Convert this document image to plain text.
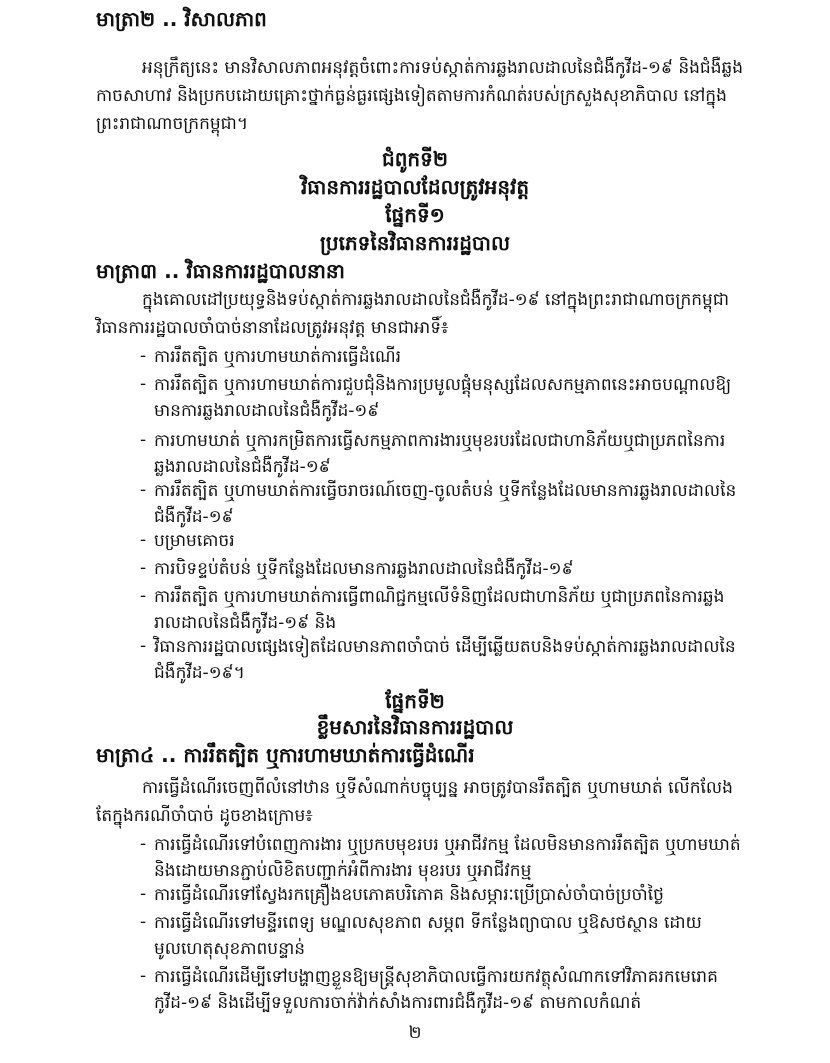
មាត្រា២ .. វិសាលភាព
អនុក្រឹត្យនេះ មានវិសាលភាពអនុវត្តចំពោះការទប់ស្កាត់ការឆ្លងរាលដាលនៃជំងឺកូវីដ-១៩ និងជំងឺឆ្លង
កាចសាហាវ និងប្រកបដោយគ្រោះថ្នាក់ធ្ងន់ធ្ងរផ្សេងទៀតតាមការកំណត់របស់ក្រសួងសុខាភិបាល នៅក្នុង
ព្រះរាជាណាចក្រកម្ពុជា។
ជំពូកទី២
វិធានការរដ្ឋបាលដែលត្រូវអនុវត្ត
ផ្នែកទី១
ប្រភេទនៃវិធានការរដ្ឋបាល
មាត្រា៣ .. វិធានការរដ្ឋបាលនានា
ក្នុងគោលដៅប្រយុទ្ធនិងទប់ស្កាត់ការឆ្លងរាលដាលនៃជំងឺកូវីដ-១៩ នៅក្នុងព្រះរាជាណាចក្រកម្ពុជា
វិធានការរដ្ឋបាលចាំបាច់នានាដែលត្រូវអនុវត្ត មានជាអាទិ៍៖
- ការរឹតត្បិត ឬការហាមឃាត់ការធ្វើដំណើរ
- ការរឹតត្បិត ឬការហាមឃាត់ការជួបជុំនិងការប្រមូលផ្តុំមនុស្សដែលសកម្មភាពនេះអាចបណ្តាលឱ្យ
មានការឆ្លងរាលដាលនៃជំងឺកូវីដ-១៩
- ការហាមឃាត់ ឬការកម្រិតការធ្វើសកម្មភាពការងារឬមុខរបរដែលជាហានិភ័យឬជាប្រភពនៃការ
ឆ្លងរាលដាលនៃជំងឺកូវីដ-១៩
- ការរឹតត្បិត ឬហាមឃាត់ការធ្វើចរាចរណ៍ចេញ-ចូលតំបន់ ឬទីកន្លែងដែលមានការឆ្លងរាលដាលនៃ
ជំងឺកូវីដ-១៩
- បម្រាមគោចរ
- ការបិទខ្ទប់តំបន់ ឬទីកន្លែងដែលមានការឆ្លងរាលដាលនៃជំងឺកូវីដ-១៩
- ការរឹតត្បិត ឬការហាមឃាត់ការធ្វើពាណិជ្ជកម្មលើទំនិញដែលជាហានិភ័យ ឬជាប្រភពនៃការឆ្លង
រាលដាលនៃជំងឺកូវីដ-១៩ និង
- វិធានការរដ្ឋបាលផ្សេងទៀតដែលមានភាពចាំបាច់ ដើម្បីឆ្លើយតបនិងទប់ស្កាត់ការឆ្លងរាលដាលនៃ
ជំងឺកូវីដ-១៩។
ផ្នែកទី២
ខ្លឹមសារនៃវិធានការរដ្ឋបាល
មាត្រា៤ .. ការរឹតត្បិត ឬការហាមឃាត់ការធ្វើដំណើរ
ការធ្វើដំណើរចេញពីលំនៅឋាន ឬទីសំណាក់បច្ចុប្បន្ន អាចត្រូវបានរឹតត្បិត ឬហាមឃាត់ លើកលែង
តែក្នុងករណីចាំបាច់ ដូចខាងក្រោម៖
- ការធ្វើដំណើរទៅបំពេញការងារ ឬប្រកបមុខរបរ ឬអាជីវកម្ម ដែលមិនមានការរឹតត្បិត ឬហាមឃាត់
និងដោយមានភ្ជាប់លិខិតបញ្ជាក់អំពីការងារ មុខរបរ ឬអាជីវកម្ម
- ការធ្វើដំណើរទៅស្វែងរកគ្រឿងឧបភោគបរិភោគ និងសម្ភារៈប្រើប្រាស់ចាំបាច់ប្រចាំថ្ងៃ
- ការធ្វើដំណើរទៅមន្ទីរពេទ្យ មណ្ឌលសុខភាព សម្ភព ទីកន្លែងព្យាបាល ឬឱសថស្ថាន ដោយ
មូលហេតុសុខភាពបន្ទាន់
- ការធ្វើដំណើរដើម្បីទៅបង្ហាញខ្លួនឱ្យមន្ត្រីសុខាភិបាលធ្វើការយកវត្ថុសំណាកទៅវិភាគរកមេរោគ
កូវីដ-១៩ និងដើម្បីទទួលការចាក់វ៉ាក់សាំងការពារជំងឺកូវីដ-១៩ តាមកាលកំណត់
២
